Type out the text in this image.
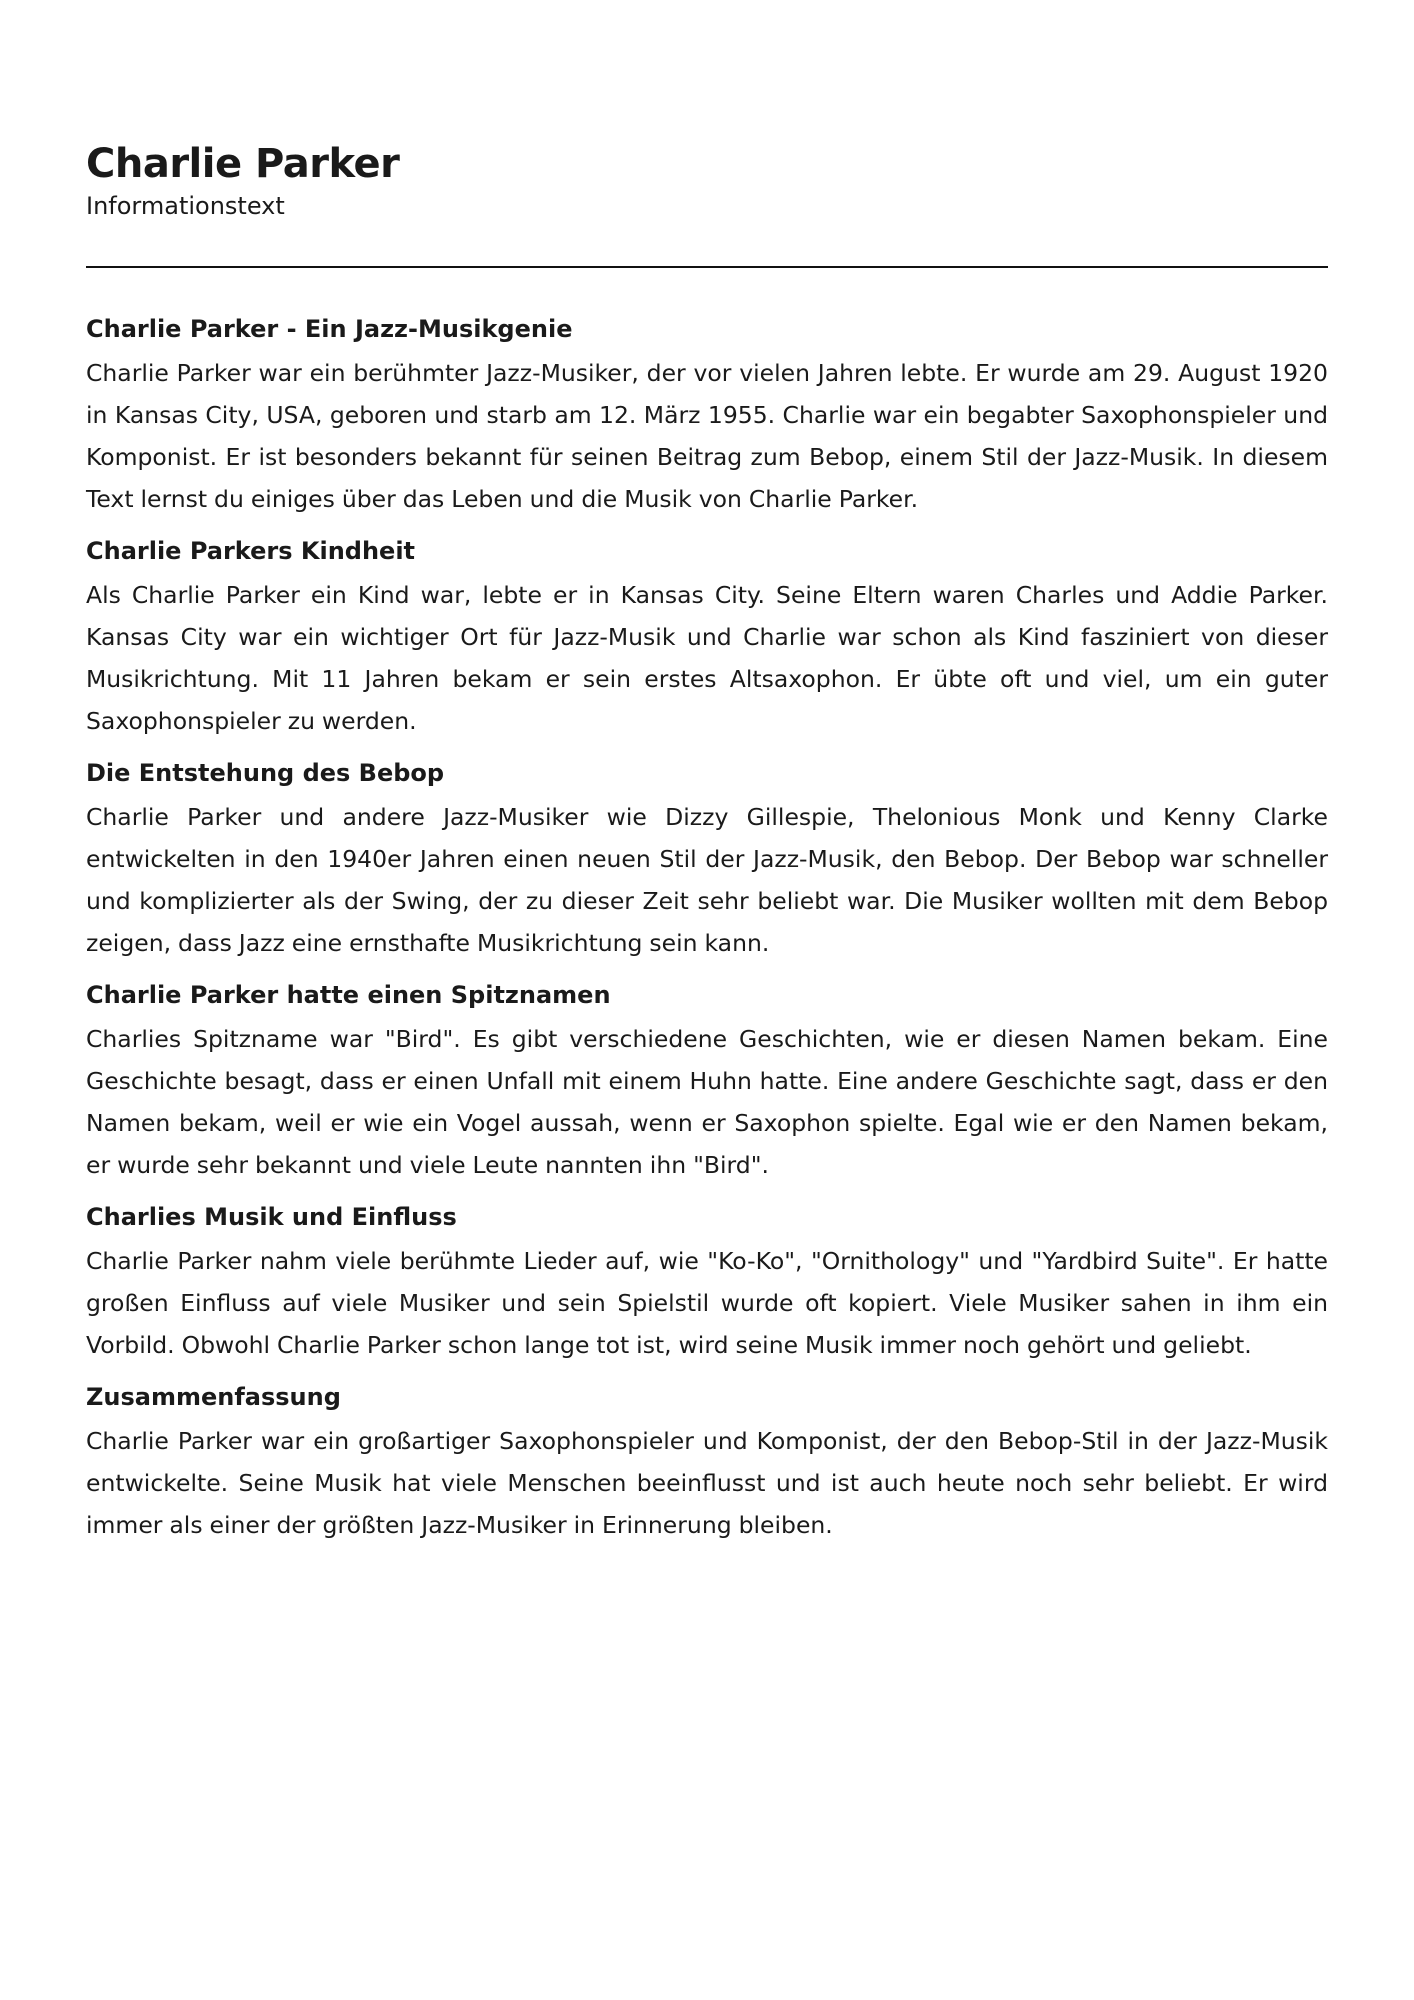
Charlie Parker

Informationstext

Charlie Parker - Ein Jazz-Musikgenie

Charlie Parker war ein berühmter Jazz-Musiker, der vor vielen Jahren lebte. Er wurde am 29. August 1920 in Kansas City, USA, geboren und starb am 12. März 1955. Charlie war ein begabter Saxophonspieler und Komponist. Er ist besonders bekannt für seinen Beitrag zum Bebop, einem Stil der Jazz-Musik. In diesem Text lernst du einiges über das Leben und die Musik von Charlie Parker.

Charlie Parkers Kindheit

Als Charlie Parker ein Kind war, lebte er in Kansas City. Seine Eltern waren Charles und Addie Parker. Kansas City war ein wichtiger Ort für Jazz-Musik und Charlie war schon als Kind fasziniert von dieser Musikrichtung. Mit 11 Jahren bekam er sein erstes Altsaxophon. Er übte oft und viel, um ein guter Saxophonspieler zu werden.

Die Entstehung des Bebop

Charlie Parker und andere Jazz-Musiker wie Dizzy Gillespie, Thelonious Monk und Kenny Clarke entwickelten in den 1940er Jahren einen neuen Stil der Jazz-Musik, den Bebop. Der Bebop war schneller und komplizierter als der Swing, der zu dieser Zeit sehr beliebt war. Die Musiker wollten mit dem Bebop zeigen, dass Jazz eine ernsthafte Musikrichtung sein kann.

Charlie Parker hatte einen Spitznamen

Charlies Spitzname war "Bird". Es gibt verschiedene Geschichten, wie er diesen Namen bekam. Eine Geschichte besagt, dass er einen Unfall mit einem Huhn hatte. Eine andere Geschichte sagt, dass er den Namen bekam, weil er wie ein Vogel aussah, wenn er Saxophon spielte. Egal wie er den Namen bekam, er wurde sehr bekannt und viele Leute nannten ihn "Bird".

Charlies Musik und Einfluss

Charlie Parker nahm viele berühmte Lieder auf, wie "Ko-Ko", "Ornithology" und "Yardbird Suite". Er hatte großen Einfluss auf viele Musiker und sein Spielstil wurde oft kopiert. Viele Musiker sahen in ihm ein Vorbild. Obwohl Charlie Parker schon lange tot ist, wird seine Musik immer noch gehört und geliebt.

Zusammenfassung

Charlie Parker war ein großartiger Saxophonspieler und Komponist, der den Bebop-Stil in der Jazz-Musik entwickelte. Seine Musik hat viele Menschen beeinflusst und ist auch heute noch sehr beliebt. Er wird immer als einer der größten Jazz-Musiker in Erinnerung bleiben.
